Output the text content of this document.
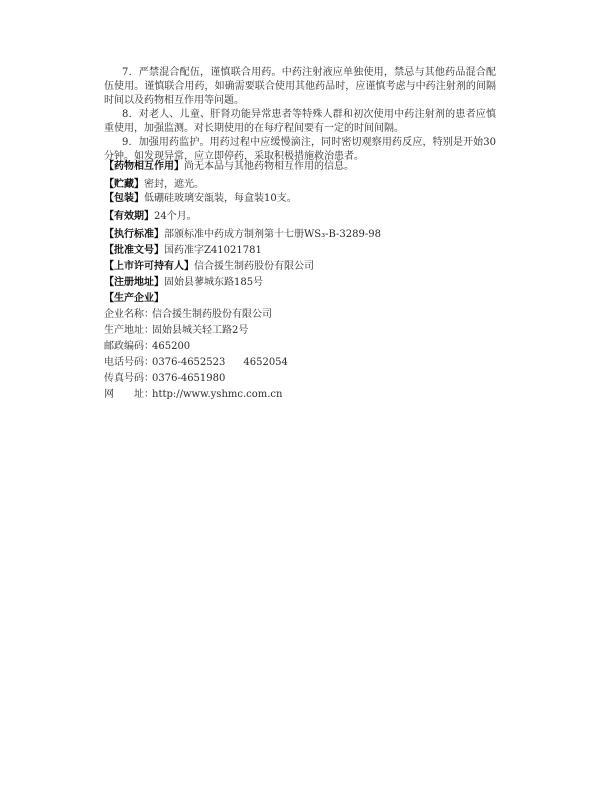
7．严禁混合配伍，谨慎联合用药。中药注射液应单独使用，禁忌与其他药品混合配伍使用。谨慎联合用药，如确需要联合使用其他药品时，应谨慎考虑与中药注射剂的间隔时间以及药物相互作用等问题。

8．对老人、儿童、肝肾功能异常患者等特殊人群和初次使用中药注射剂的患者应慎重使用，加强监测。对长期使用的在每疗程间要有一定的时间间隔。

9．加强用药监护。用药过程中应缓慢滴注，同时密切观察用药反应，特别是开始30分钟。如发现异常，应立即停药，采取积极措施救治患者。

【药物相互作用】尚无本品与其他药物相互作用的信息。
【贮藏】密封，遮光。
【包装】低硼硅玻璃安瓿装，每盒装10支。
【有效期】24个月。
【执行标准】部颁标准中药成方制剂第十七册WS₃-B-3289-98
【批准文号】国药准字Z41021781
【上市许可持有人】信合援生制药股份有限公司
【注册地址】固始县蓼城东路185号
【生产企业】
企业名称：信合援生制药股份有限公司
生产地址：固始县城关轻工路2号
邮政编码：465200
电话号码：0376-4652523 4652054
传真号码：0376-4651980
网　　址：http://www.yshmc.com.cn
